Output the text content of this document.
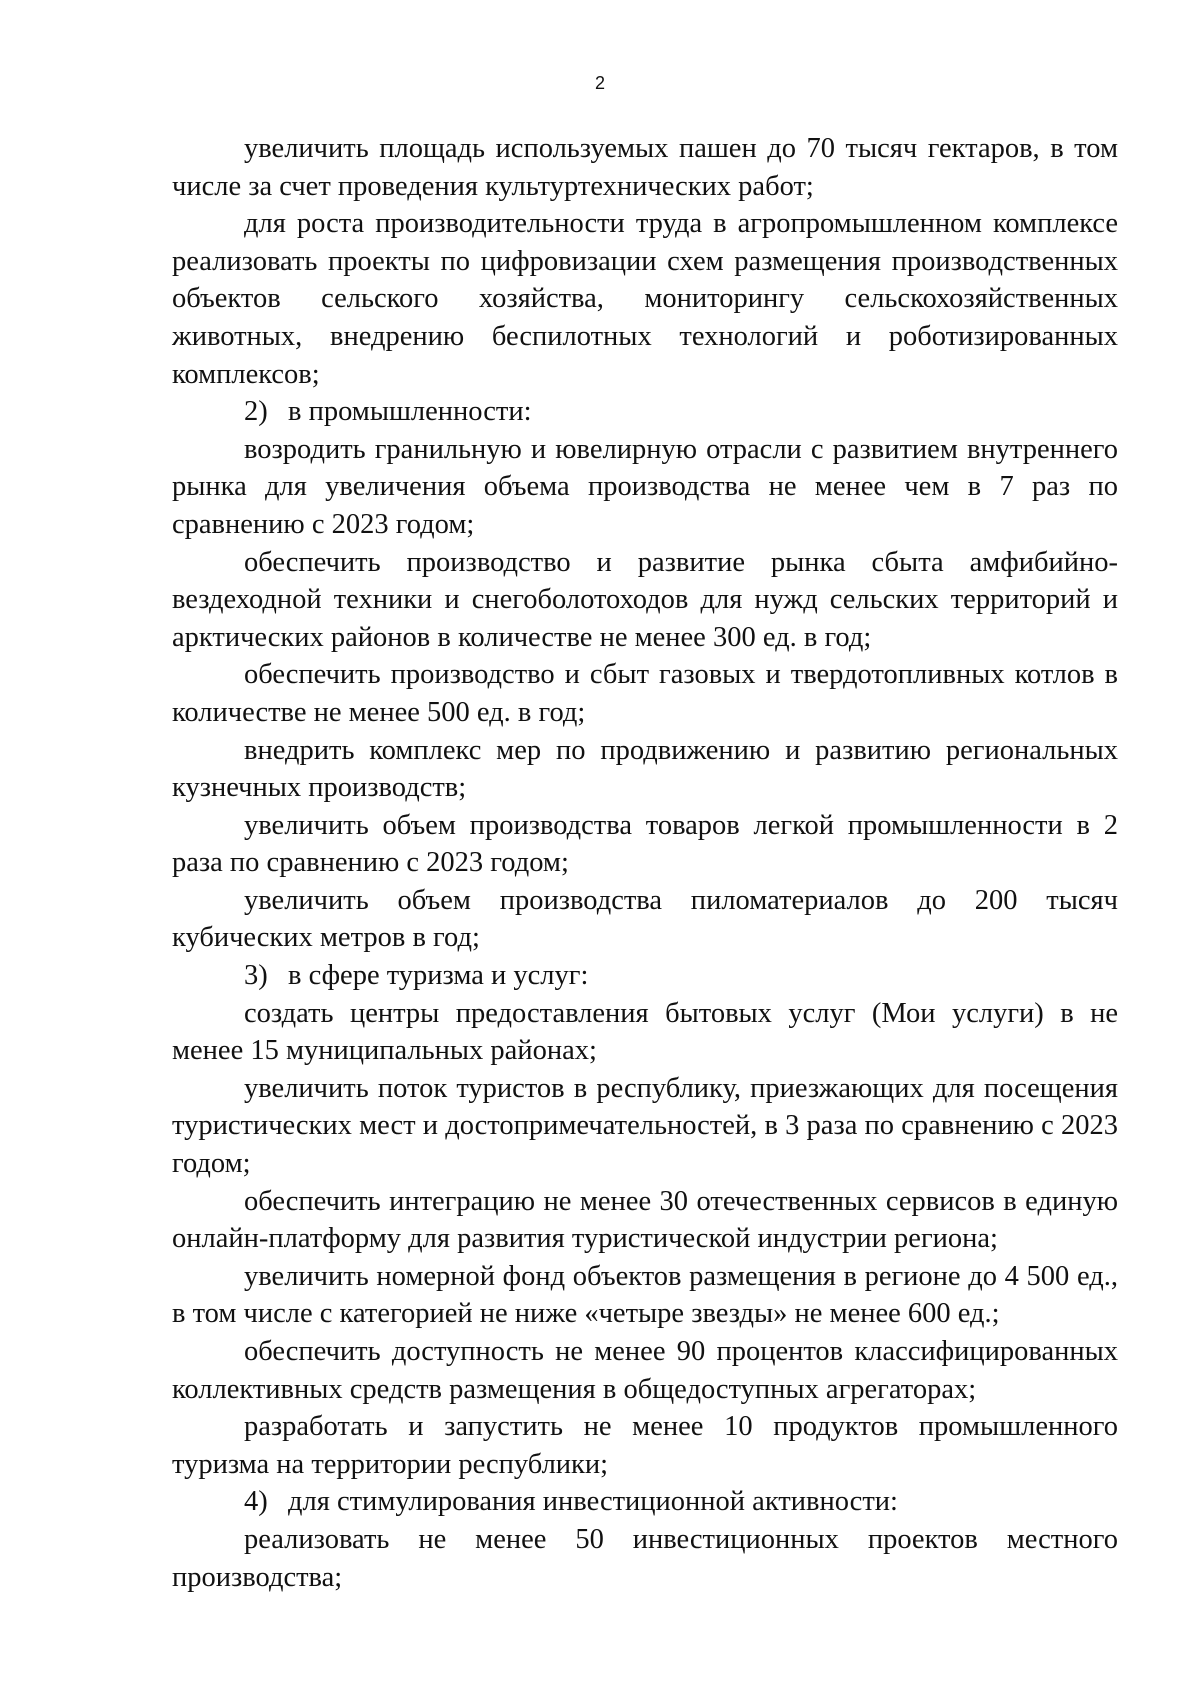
2

увеличить площадь используемых пашен до 70 тысяч гектаров, в том числе за счет проведения культуртехнических работ;

для роста производительности труда в агропромышленном комплексе реализовать проекты по цифровизации схем размещения производственных объектов сельского хозяйства, мониторингу сельскохозяйственных животных, внедрению беспилотных технологий и роботизированных комплексов;

2) в промышленности:

возродить гранильную и ювелирную отрасли с развитием внутреннего рынка для увеличения объема производства не менее чем в 7 раз по сравнению с 2023 годом;

обеспечить производство и развитие рынка сбыта амфибийно-вездеходной техники и снегоболотоходов для нужд сельских территорий и арктических районов в количестве не менее 300 ед. в год;

обеспечить производство и сбыт газовых и твердотопливных котлов в количестве не менее 500 ед. в год;

внедрить комплекс мер по продвижению и развитию региональных кузнечных производств;

увеличить объем производства товаров легкой промышленности в 2 раза по сравнению с 2023 годом;

увеличить объем производства пиломатериалов до 200 тысяч кубических метров в год;

3) в сфере туризма и услуг:

создать центры предоставления бытовых услуг (Мои услуги) в не менее 15 муниципальных районах;

увеличить поток туристов в республику, приезжающих для посещения туристических мест и достопримечательностей, в 3 раза по сравнению с 2023 годом;

обеспечить интеграцию не менее 30 отечественных сервисов в единую онлайн-платформу для развития туристической индустрии региона;

увеличить номерной фонд объектов размещения в регионе до 4 500 ед., в том числе с категорией не ниже «четыре звезды» не менее 600 ед.;

обеспечить доступность не менее 90 процентов классифицированных коллективных средств размещения в общедоступных агрегаторах;

разработать и запустить не менее 10 продуктов промышленного туризма на территории республики;

4) для стимулирования инвестиционной активности:

реализовать не менее 50 инвестиционных проектов местного производства;
